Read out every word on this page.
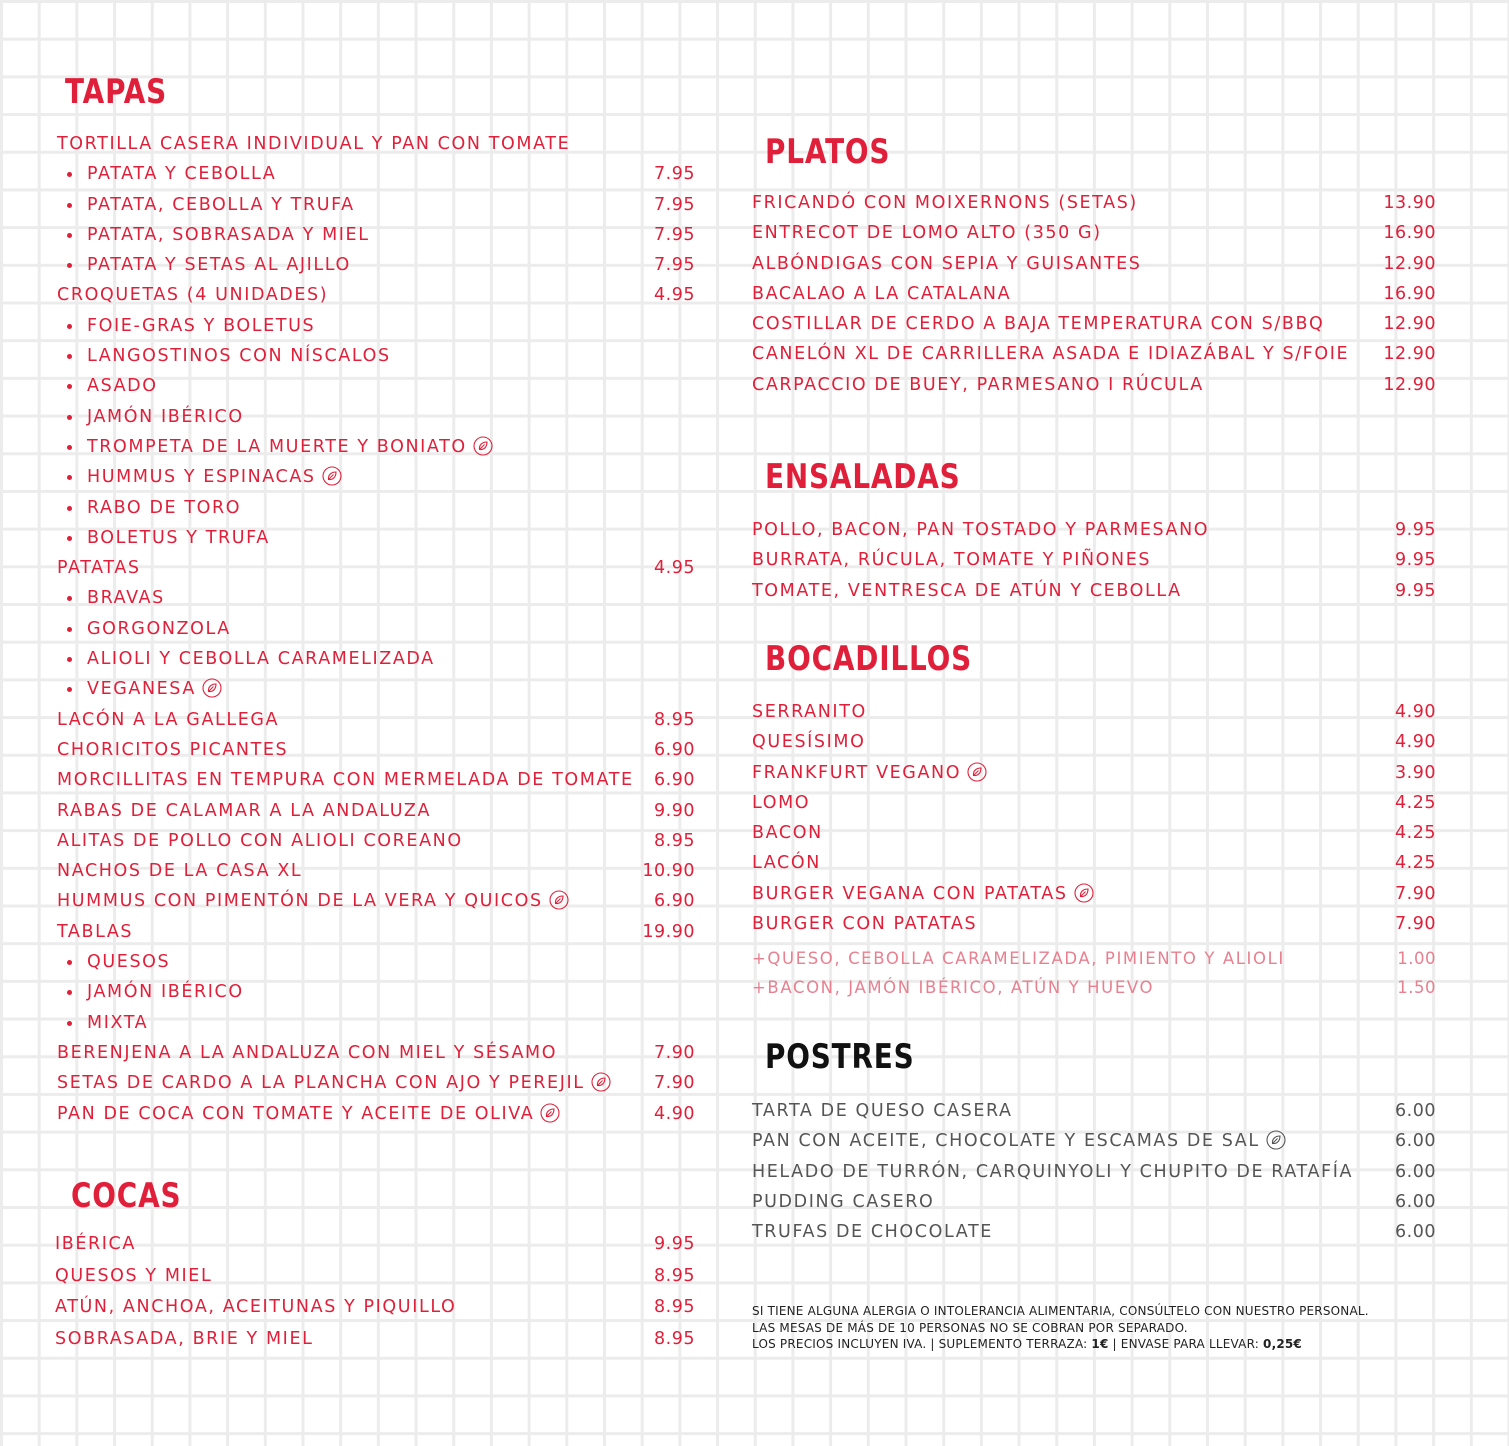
TAPAS
TORTILLA CASERA INDIVIDUAL Y PAN CON TOMATE
PATATA Y CEBOLLA	7.95
PATATA, CEBOLLA Y TRUFA	7.95
PATATA, SOBRASADA Y MIEL	7.95
PATATA Y SETAS AL AJILLO	7.95
CROQUETAS (4 UNIDADES)	4.95
FOIE-GRAS Y BOLETUS
LANGOSTINOS CON NÍSCALOS
ASADO
JAMÓN IBÉRICO
TROMPETA DE LA MUERTE Y BONIATO
HUMMUS Y ESPINACAS
RABO DE TORO
BOLETUS Y TRUFA
PATATAS	4.95
BRAVAS
GORGONZOLA
ALIOLI Y CEBOLLA CARAMELIZADA
VEGANESA
LACÓN A LA GALLEGA	8.95
CHORICITOS PICANTES	6.90
MORCILLITAS EN TEMPURA CON MERMELADA DE TOMATE 6.90
RABAS DE CALAMAR A LA ANDALUZA	9.90
ALITAS DE POLLO CON ALIOLI COREANO	8.95
NACHOS DE LA CASA XL	10.90
HUMMUS CON PIMENTÓN DE LA VERA Y QUICOS	6.90
TABLAS	19.90
QUESOS
JAMÓN IBÉRICO
MIXTA
BERENJENA A LA ANDALUZA CON MIEL Y SÉSAMO	7.90
SETAS DE CARDO A LA PLANCHA CON AJO Y PEREJIL	7.90
PAN DE COCA CON TOMATE Y ACEITE DE OLIVA	4.90
COCAS
IBÉRICA	9.95
QUESOS Y MIEL	8.95
ATÚN, ANCHOA, ACEITUNAS Y PIQUILLO	8.95
SOBRASADA, BRIE Y MIEL	8.95
PLATOS
FRICANDÓ CON MOIXERNONS (SETAS)	13.90
ENTRECOT DE LOMO ALTO (350 G)	16.90
ALBÓNDIGAS CON SEPIA Y GUISANTES	12.90
BACALAO A LA CATALANA	16.90
COSTILLAR DE CERDO A BAJA TEMPERATURA CON S/BBQ	12.90
CANELÓN XL DE CARRILLERA ASADA E IDIAZÁBAL Y S/FOIE 12.90
CARPACCIO DE BUEY, PARMESANO I RÚCULA	12.90
ENSALADAS
POLLO, BACON, PAN TOSTADO Y PARMESANO	9.95
BURRATA, RÚCULA, TOMATE Y PIÑONES	9.95
TOMATE, VENTRESCA DE ATÚN Y CEBOLLA	9.95
BOCADILLOS
SERRANITO	4.90
QUESÍSIMO	4.90
FRANKFURT VEGANO	3.90
LOMO	4.25
BACON	4.25
LACÓN	4.25
BURGER VEGANA CON PATATAS	7.90
BURGER CON PATATAS	7.90
+QUESO, CEBOLLA CARAMELIZADA, PIMIENTO Y ALIOLI	1.00
+BACON, JAMÓN IBÉRICO, ATÚN Y HUEVO	1.50
POSTRES
TARTA DE QUESO CASERA	6.00
PAN CON ACEITE, CHOCOLATE Y ESCAMAS DE SAL	6.00
HELADO DE TURRÓN, CARQUINYOLI Y CHUPITO DE RATAFÍA 6.00
PUDDING CASERO	6.00
TRUFAS DE CHOCOLATE	6.00
SI TIENE ALGUNA ALERGIA O INTOLERANCIA ALIMENTARIA, CONSÚLTELO CON NUESTRO PERSONAL.
LAS MESAS DE MÁS DE 10 PERSONAS NO SE COBRAN POR SEPARADO.
LOS PRECIOS INCLUYEN IVA. | SUPLEMENTO TERRAZA: 1€ | ENVASE PARA LLEVAR: 0,25€
